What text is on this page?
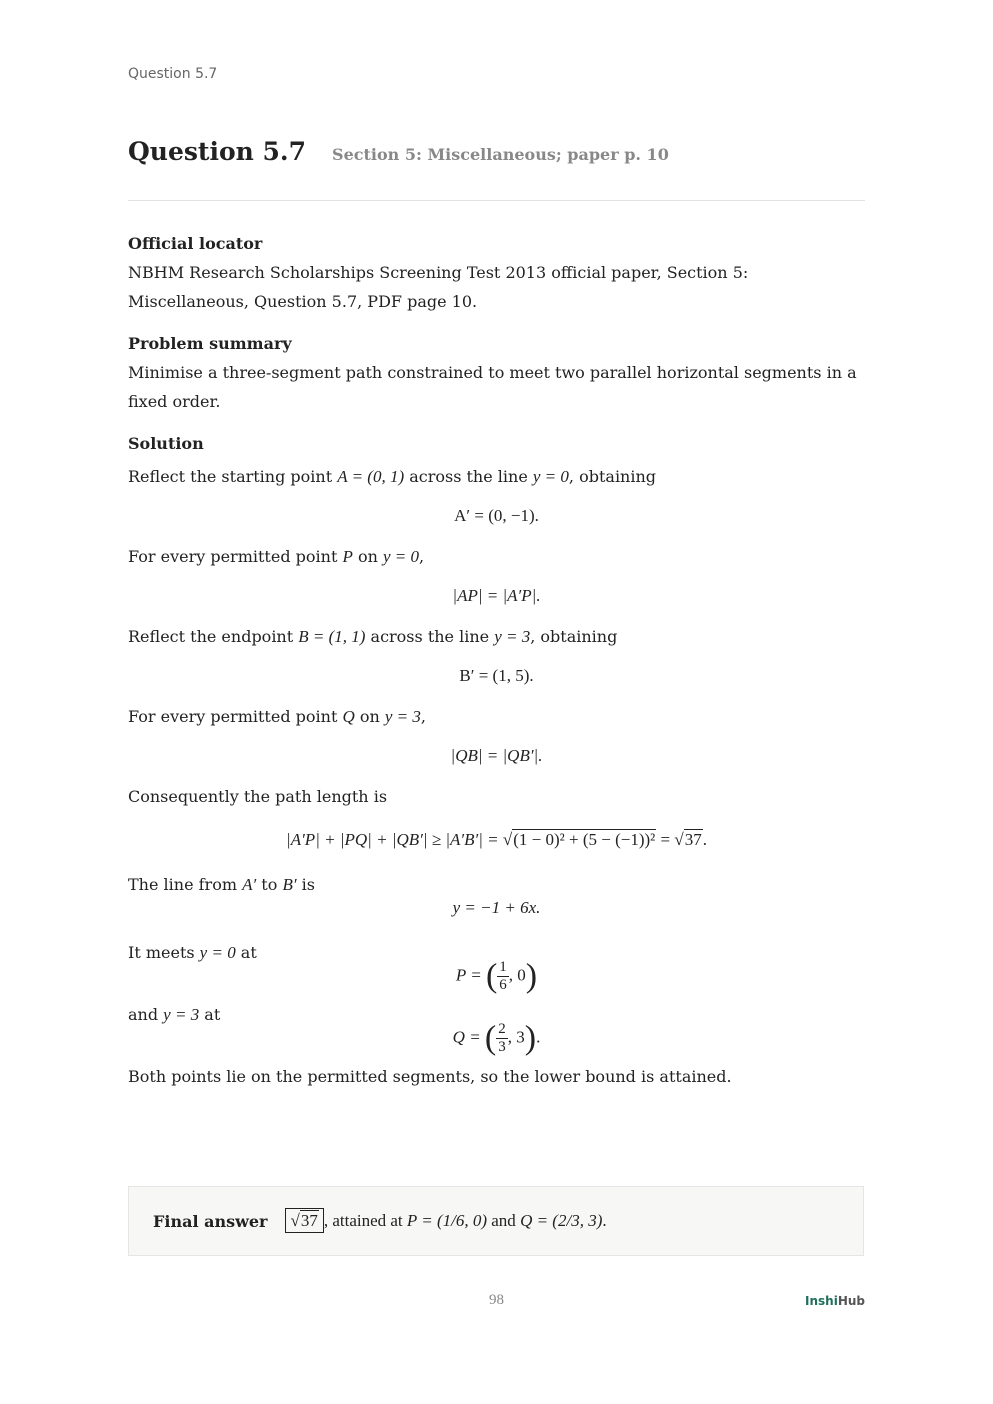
Question 5.7
Question 5.7 Section 5: Miscellaneous; paper p. 10
Official locator

NBHM Research Scholarships Screening Test 2013 official paper, Section 5: Miscellaneous, Question 5.7, PDF page 10.

Problem summary

Minimise a three-segment path constrained to meet two parallel horizontal segments in a fixed order.

Solution

Reflect the starting point A = (0, 1) across the line y = 0, obtaining

A′ = (0, −1).

For every permitted point P on y = 0,

|AP| = |A′P|.

Reflect the endpoint B = (1, 1) across the line y = 3, obtaining

B′ = (1, 5).

For every permitted point Q on y = 3,

|QB| = |QB′|.

Consequently the path length is

|A′P| + |PQ| + |QB′| ≥ |A′B′| = √(1 − 0)² + (5 − (−1))² = √37.

The line from A′ to B′ is

y = −1 + 6x.

It meets y = 0 at

P = ( $\frac{1}{6}$ , 0)

and y = 3 at

Q = ( $\frac{2}{3}$ , 3).

Both points lie on the permitted segments, so the lower bound is attained.

Final answer √37 , attained at P = (1/6, 0) and Q = (2/3, 3).
98	InshiHub
